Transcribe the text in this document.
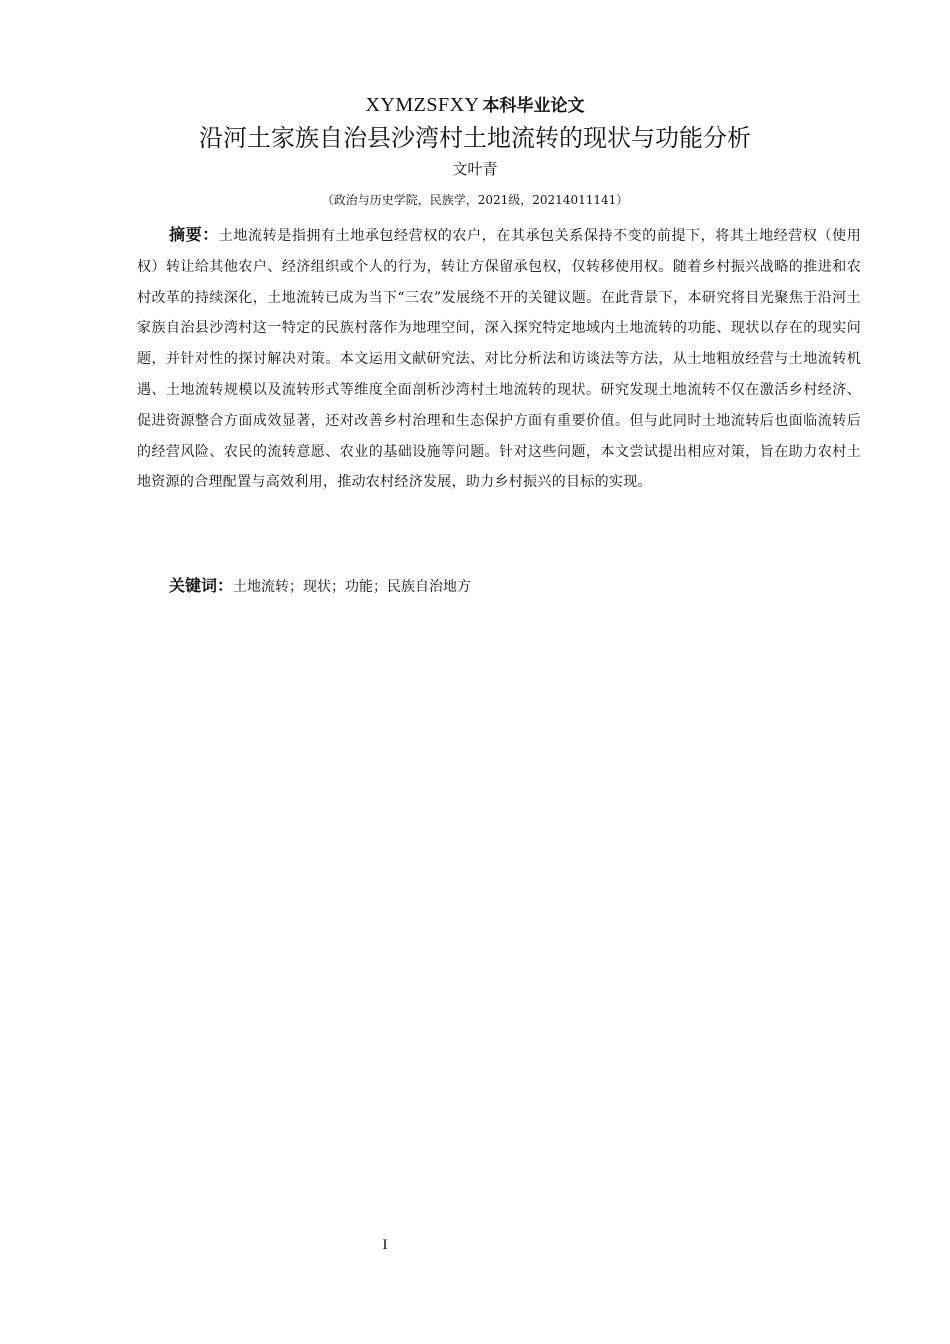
XYMZSFXY 本科毕业论文
沿河土家族自治县沙湾村土地流转的现状与功能分析
文叶青
（政治与历史学院，民族学，2021级，20214011141）

摘要：土地流转是指拥有土地承包经营权的农户，在其承包关系保持不变的前提下，将其土地经营权（使用权）转让给其他农户、经济组织或个人的行为，转让方保留承包权，仅转移使用权。随着乡村振兴战略的推进和农村改革的持续深化，土地流转已成为当下“三农”发展绕不开的关键议题。在此背景下，本研究将目光聚焦于沿河土家族自治县沙湾村这一特定的民族村落作为地理空间，深入探究特定地域内土地流转的功能、现状以存在的现实问题，并针对性的探讨解决对策。本文运用文献研究法、对比分析法和访谈法等方法，从土地粗放经营与土地流转机遇、土地流转规模以及流转形式等维度全面剖析沙湾村土地流转的现状。研究发现土地流转不仅在激活乡村经济、促进资源整合方面成效显著，还对改善乡村治理和生态保护方面有重要价值。但与此同时土地流转后也面临流转后的经营风险、农民的流转意愿、农业的基础设施等问题。针对这些问题，本文尝试提出相应对策，旨在助力农村土地资源的合理配置与高效利用，推动农村经济发展，助力乡村振兴的目标的实现。

关键词：土地流转；现状；功能；民族自治地方

I
